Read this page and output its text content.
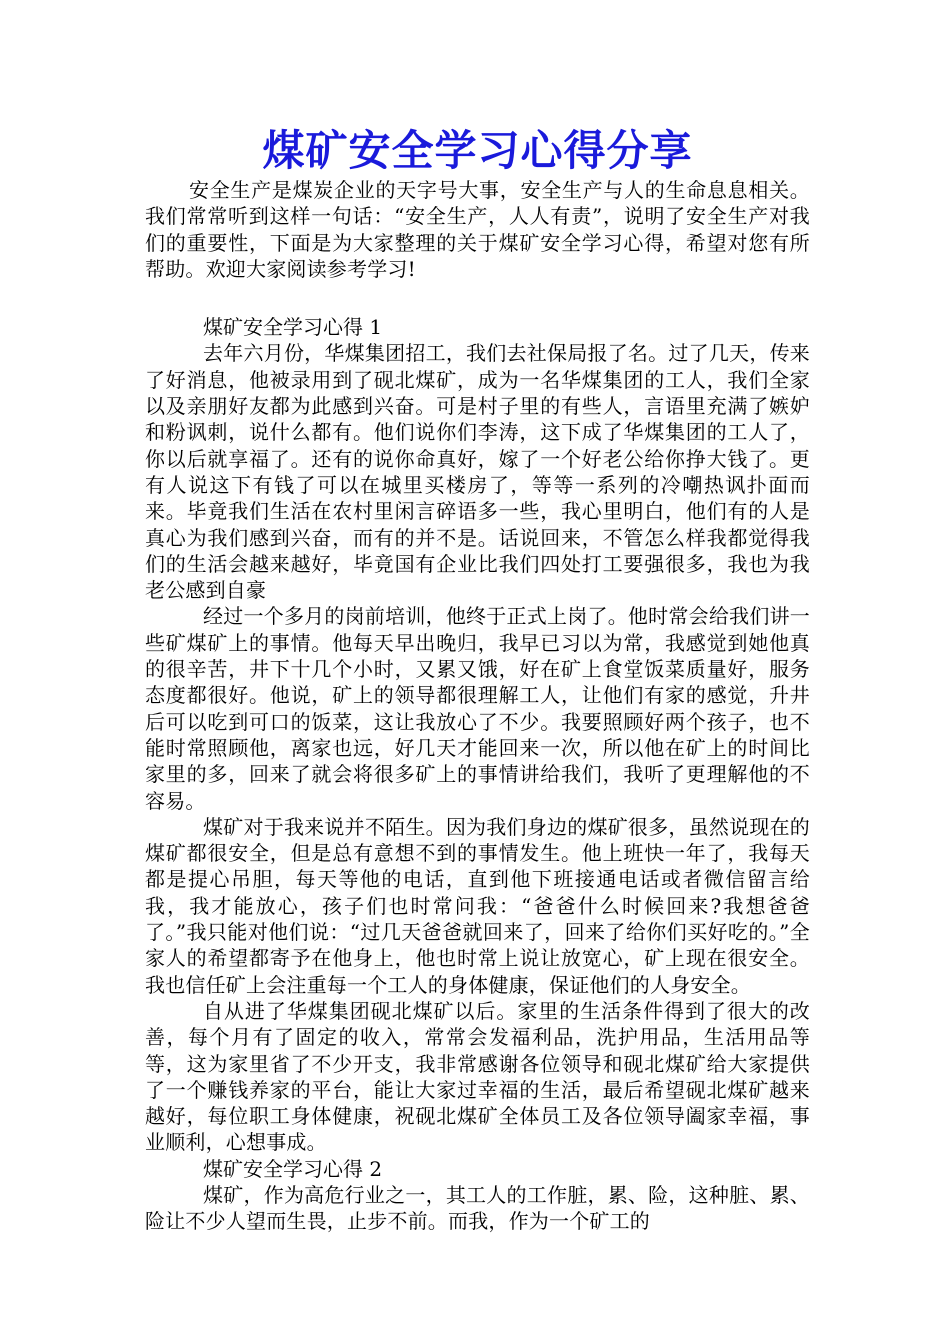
煤矿安全学习心得分享

安全生产是煤炭企业的天字号大事，安全生产与人的生命息息相关。我们常常听到这样一句话：“安全生产，人人有责”，说明了安全生产对我们的重要性，下面是为大家整理的关于煤矿安全学习心得，希望对您有所帮助。欢迎大家阅读参考学习!

煤矿安全学习心得 1

去年六月份，华煤集团招工，我们去社保局报了名。过了几天，传来了好消息，他被录用到了砚北煤矿，成为一名华煤集团的工人，我们全家以及亲朋好友都为此感到兴奋。可是村子里的有些人，言语里充满了嫉妒和粉讽刺，说什么都有。他们说你们李涛，这下成了华煤集团的工人了，你以后就享福了。还有的说你命真好，嫁了一个好老公给你挣大钱了。更有人说这下有钱了可以在城里买楼房了，等等一系列的冷嘲热讽扑面而来。毕竟我们生活在农村里闲言碎语多一些，我心里明白，他们有的人是真心为我们感到兴奋，而有的并不是。话说回来，不管怎么样我都觉得我们的生活会越来越好，毕竟国有企业比我们四处打工要强很多，我也为我老公感到自豪

经过一个多月的岗前培训，他终于正式上岗了。他时常会给我们讲一些矿煤矿上的事情。他每天早出晚归，我早已习以为常，我感觉到她他真的很辛苦，井下十几个小时，又累又饿，好在矿上食堂饭菜质量好，服务态度都很好。他说，矿上的领导都很理解工人，让他们有家的感觉，升井后可以吃到可口的饭菜，这让我放心了不少。我要照顾好两个孩子，也不能时常照顾他，离家也远，好几天才能回来一次，所以他在矿上的时间比家里的多，回来了就会将很多矿上的事情讲给我们，我听了更理解他的不容易。

煤矿对于我来说并不陌生。因为我们身边的煤矿很多，虽然说现在的煤矿都很安全，但是总有意想不到的事情发生。他上班快一年了，我每天都是提心吊胆，每天等他的电话，直到他下班接通电话或者微信留言给我，我才能放心，孩子们也时常问我：“爸爸什么时候回来?我想爸爸了。”我只能对他们说：“过几天爸爸就回来了，回来了给你们买好吃的。”全家人的希望都寄予在他身上，他也时常上说让放宽心，矿上现在很安全。我也信任矿上会注重每一个工人的身体健康，保证他们的人身安全。

自从进了华煤集团砚北煤矿以后。家里的生活条件得到了很大的改善，每个月有了固定的收入，常常会发福利品，洗护用品，生活用品等等，这为家里省了不少开支，我非常感谢各位领导和砚北煤矿给大家提供了一个赚钱养家的平台，能让大家过幸福的生活，最后希望砚北煤矿越来越好，每位职工身体健康，祝砚北煤矿全体员工及各位领导阖家幸福，事业顺利，心想事成。

煤矿安全学习心得 2

煤矿，作为高危行业之一，其工人的工作脏，累、险，这种脏、累、险让不少人望而生畏，止步不前。而我，作为一个矿工的
